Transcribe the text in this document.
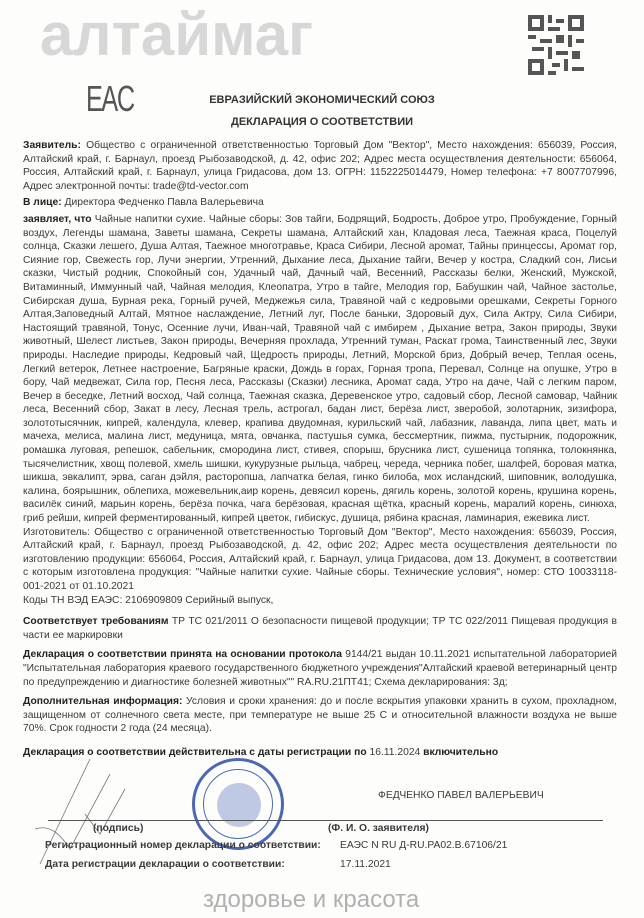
алтаймаг
EAC	ЕВРАЗИЙСКИЙ ЭКОНОМИЧЕСКИЙ СОЮЗ
ДЕКЛАРАЦИЯ О СООТВЕТСТВИИ

Заявитель: Общество с ограниченной ответственностью Торговый Дом "Вектор", Место нахождения: 656039, Россия, Алтайский край, г. Барнаул, проезд Рыбозаводской, д. 42, офис 202; Адрес места осуществления деятельности: 656064, Россия, Алтайский край, г. Барнаул, улица Гридасова, дом 13. ОГРН: 1152225014479, Номер телефона: +7 8007707996, Адрес электронной почты: trade@td-vector.com

В лице: Директора Федченко Павла Валерьевича

заявляет, что Чайные напитки сухие. Чайные сборы: Зов тайги, Бодрящий, Бодрость, Доброе утро, Пробуждение, Горный воздух, Легенды шамана, Заветы шамана, Секреты шамана, Алтайский хан, Кладовая леса, Таежная краса, Поцелуй солнца, Сказки лешего, Душа Алтая, Таежное многотравье, Краса Сибири, Лесной аромат, Тайны принцессы, Аромат гор, Сияние гор, Свежесть гор, Лучи энергии, Утренний, Дыхание леса, Дыхание тайги, Вечер у костра, Сладкий сон, Лисьи сказки, Чистый родник, Спокойный сон, Удачный чай, Дачный чай, Весенний, Рассказы белки, Женский, Мужской, Витаминный, Иммунный чай, Чайная мелодия, Клеопатра, Утро в тайге, Мелодия гор, Бабушкин чай, Чайное застолье, Сибирская душа, Бурная река, Горный ручей, Меджежья сила, Травяной чай с кедровыми орешками, Секреты Горного Алтая,Заповедный Алтай, Мятное наслаждение, Летний луг, После баньки, Здоровый дух, Сила Актру, Сила Сибири, Настоящий травяной, Тонус, Осенние лучи, Иван-чай, Травяной чай с имбирем , Дыхание ветра, Закон природы, Звуки животный, Шелест листьев, Закон природы, Вечерняя прохлада, Утренний туман, Раскат грома, Таинственный лес, Звуки природы. Наследие природы, Кедровый чай, Щедрость природы, Летний, Морской бриз, Добрый вечер, Теплая осень, Легкий ветерок, Летнее настроение, Багряные краски, Дождь в горах, Горная тропа, Перевал, Солнце на опушке, Утро в бору, Чай медвежат, Сила гор, Песня леса, Рассказы (Сказки) лесника, Аромат сада, Утро на даче, Чай с легким паром, Вечер в беседке, Летний восход, Чай солнца, Таежная сказка, Деревенское утро, садовый сбор, Лесной самовар, Чайник леса, Весенний сбор, Закат в лесу, Лесная трель, астрогал, бадан лист, берёза лист, зверобой, золотарник, зизифора, золототысячник, кипрей, календула, клевер, крапива двудомная, курильский чай, лабазник, лаванда, липа цвет, мать и мачеха, мелиса, малина лист, медуница, мята, овчанка, пастушья сумка, бессмертник, пижма, пустырник, подорожник, ромашка луговая, репешок, сабельник, смородина лист, стивея, спорыш, брусника лист, сушеница топянка, толокнянка, тысячелистник, хвощ полевой, хмель шишки, кукурузные рыльца, чабрец, череда, черника побег, шалфей, боровая матка, шикша, эвкалипт, эрва, саган дэйля, расторопша, лапчатка белая, гинко билоба, мох исландский, шиповник, володушка, калина, боярышник, облепиха, можевельник,аир корень, девясил корень, дягиль корень, золотой корень, крушина корень, василёк синий, марьин корень, берёза почка, чага берёзовая, красная щётка, красный корень, маралий корень, синюха, гриб рейши, кипрей ферментированный, кипрей цветок, гибискус, душица, рябина красная, ламинария, ежевика лист.

Изготовитель: Общество с ограниченной ответственностью Торговый Дом "Вектор", Место нахождения: 656039, Россия, Алтайский край, г. Барнаул, проезд Рыбозаводской, д. 42, офис 202; Адрес места осуществления деятельности по изготовлению продукции: 656064, Россия, Алтайский край, г. Барнаул, улица Гридасова, дом 13. Документ, в соответствии с которым изготовлена продукция: "Чайные напитки сухие. Чайные сборы. Технические условия", номер: СТО 10033118-001-2021 от 01.10.2021

Коды ТН ВЭД ЕАЭС: 2106909809 Серийный выпуск,

Соответствует требованиям ТР ТС 021/2011 О безопасности пищевой продукции; ТР ТС 022/2011 Пищевая продукция в части ее маркировки

Декларация о соответствии принята на основании протокола 9144/21 выдан 10.11.2021 испытательной лабораторией "Испытательная лаборатория краевого государственного бюджетного учреждения"Алтайский краевой ветеринарный центр по предупреждению и диагностике болезней животных"" RA.RU.21ПТ41; Схема декларирования: 3д;

Дополнительная информация: Условия и сроки хранения: до и после вскрытия упаковки хранить в сухом, прохладном, защищенном от солнечного света месте, при температуре не выше 25 С и относительной влажности воздуха не выше 70%. Срок годности 2 года (24 месяца).

Декларация о соответствии действительна с даты регистрации по 16.11.2024 включительно

ФЕДЧЕНКО ПАВЕЛ ВАЛЕРЬЕВИЧ
(подпись)	(Ф. И. О. заявителя)
Регистрационный номер декларации о соответствии: ЕАЭС N RU Д-RU.PA02.B.67106/21
Дата регистрации декларации о соответствии:	17.11.2021
здоровье и красота
